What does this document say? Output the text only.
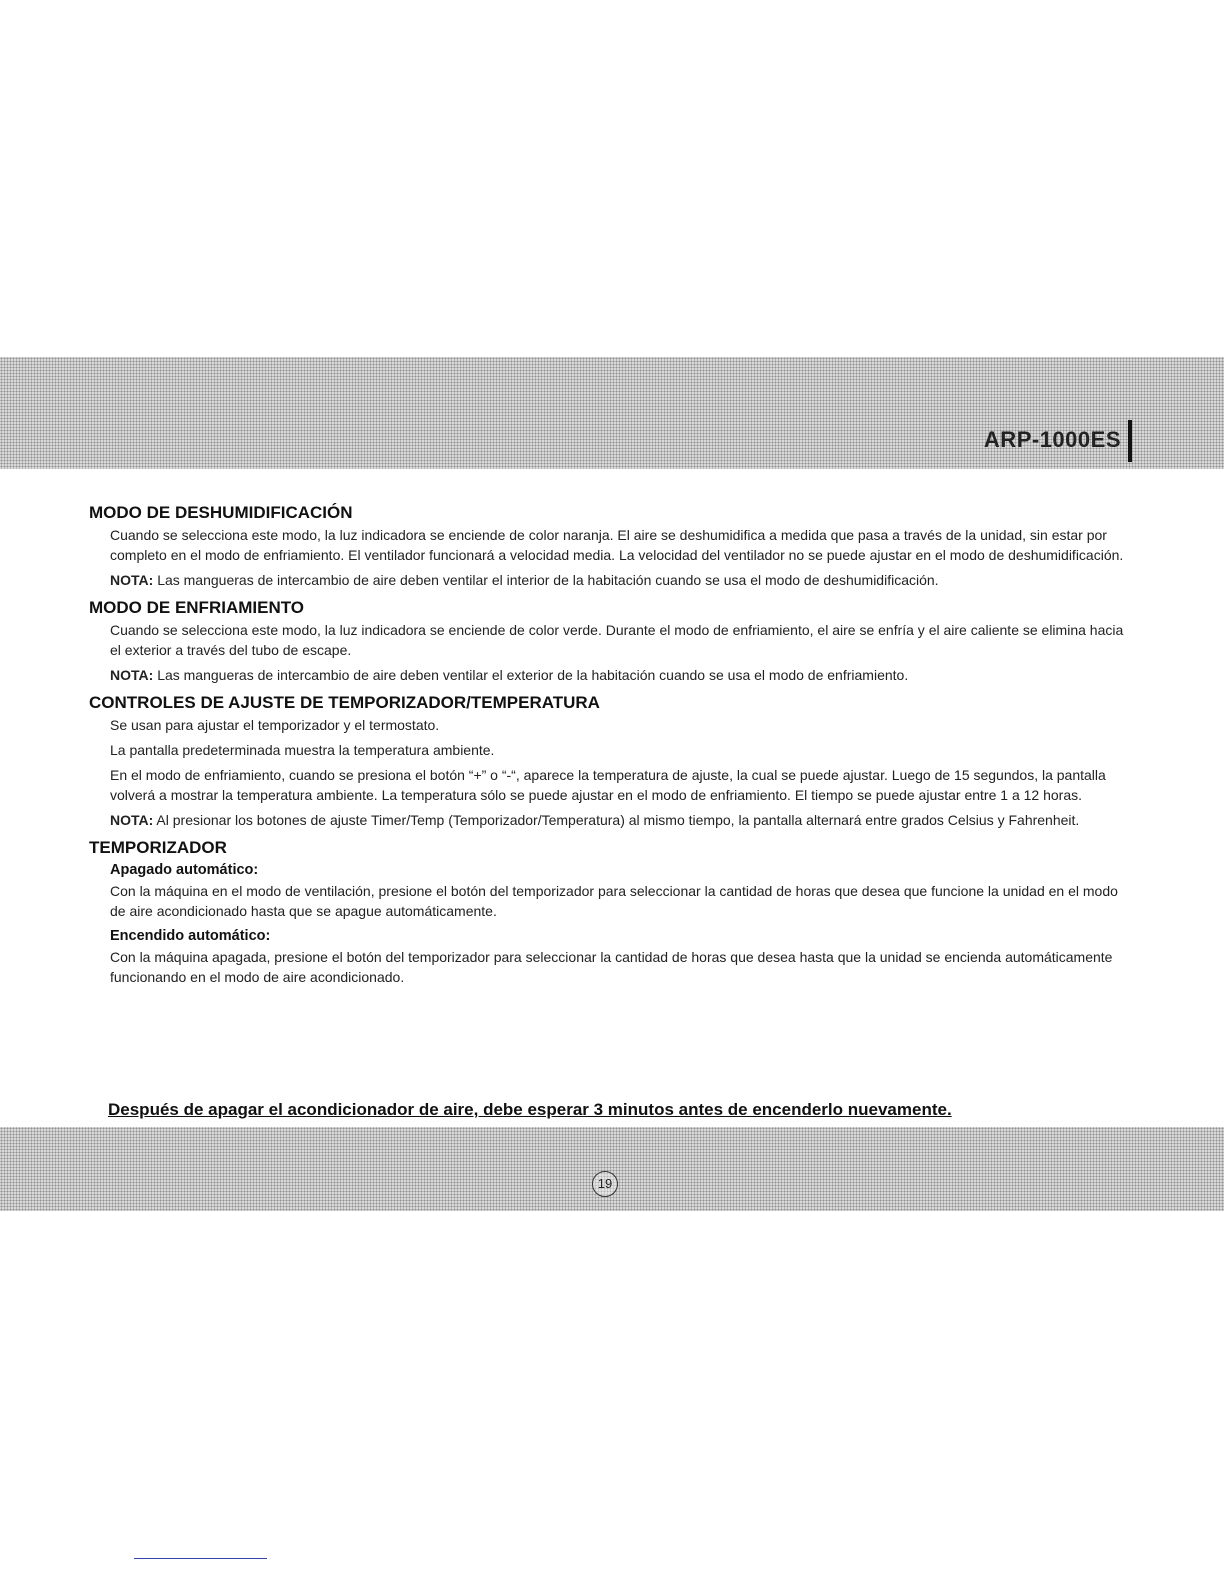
ARP-1000ES
MODO DE DESHUMIDIFICACIÓN

Cuando se selecciona este modo, la luz indicadora se enciende de color naranja. El aire se deshumidifica a medida que pasa a través de la unidad, sin estar por completo en el modo de enfriamiento. El ventilador funcionará a velocidad media. La velocidad del ventilador no se puede ajustar en el modo de deshumidificación.

NOTA: Las mangueras de intercambio de aire deben ventilar el interior de la habitación cuando se usa el modo de deshumidificación.

MODO DE ENFRIAMIENTO

Cuando se selecciona este modo, la luz indicadora se enciende de color verde. Durante el modo de enfriamiento, el aire se enfría y el aire caliente se elimina hacia el exterior a través del tubo de escape.

NOTA: Las mangueras de intercambio de aire deben ventilar el exterior de la habitación cuando se usa el modo de enfriamiento.

CONTROLES DE AJUSTE DE TEMPORIZADOR/TEMPERATURA

Se usan para ajustar el temporizador y el termostato.

La pantalla predeterminada muestra la temperatura ambiente.

En el modo de enfriamiento, cuando se presiona el botón “+” o “-“, aparece la temperatura de ajuste, la cual se puede ajustar. Luego de 15 segundos, la pantalla volverá a mostrar la temperatura ambiente. La temperatura sólo se puede ajustar en el modo de enfriamiento. El tiempo se puede ajustar entre 1 a 12 horas.

NOTA: Al presionar los botones de ajuste Timer/Temp (Temporizador/Temperatura) al mismo tiempo, la pantalla alternará entre grados Celsius y Fahrenheit.

TEMPORIZADOR
Apagado automático:

Con la máquina en el modo de ventilación, presione el botón del temporizador para seleccionar la cantidad de horas que desea que funcione la unidad en el modo de aire acondicionado hasta que se apague automáticamente.

Encendido automático:

Con la máquina apagada, presione el botón del temporizador para seleccionar la cantidad de horas que desea hasta que la unidad se encienda automáticamente funcionando en el modo de aire acondicionado.

Después de apagar el acondicionador de aire, debe esperar 3 minutos antes de encenderlo nuevamente.
19
